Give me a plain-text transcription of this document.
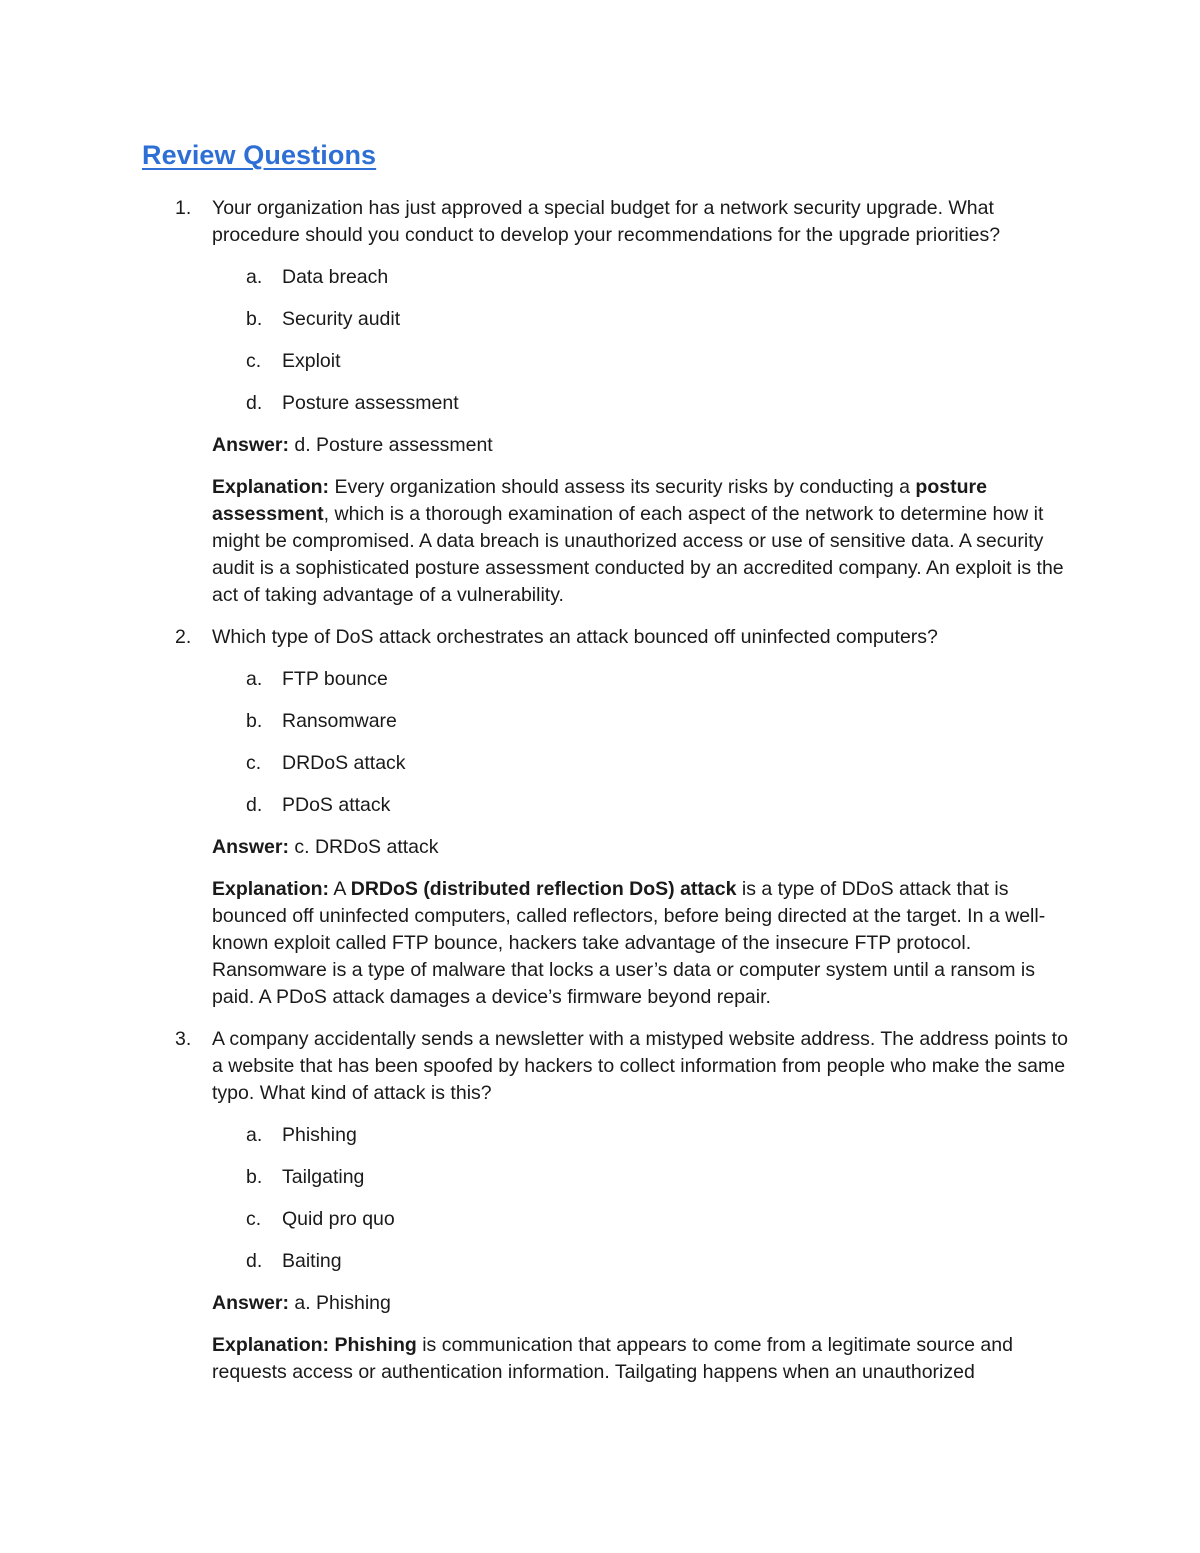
Review Questions
1. Your organization has just approved a special budget for a network security upgrade. What procedure should you conduct to develop your recommendations for the upgrade priorities?
a. Data breach
b. Security audit
c. Exploit
d. Posture assessment
Answer: d. Posture assessment
Explanation: Every organization should assess its security risks by conducting a posture assessment, which is a thorough examination of each aspect of the network to determine how it might be compromised. A data breach is unauthorized access or use of sensitive data. A security audit is a sophisticated posture assessment conducted by an accredited company. An exploit is the act of taking advantage of a vulnerability.
2. Which type of DoS attack orchestrates an attack bounced off uninfected computers?
a. FTP bounce
b. Ransomware
c. DRDoS attack
d. PDoS attack
Answer: c. DRDoS attack
Explanation: A DRDoS (distributed reflection DoS) attack is a type of DDoS attack that is bounced off uninfected computers, called reflectors, before being directed at the target. In a well-known exploit called FTP bounce, hackers take advantage of the insecure FTP protocol. Ransomware is a type of malware that locks a user’s data or computer system until a ransom is paid. A PDoS attack damages a device’s firmware beyond repair.
3. A company accidentally sends a newsletter with a mistyped website address. The address points to a website that has been spoofed by hackers to collect information from people who make the same typo. What kind of attack is this?
a. Phishing
b. Tailgating
c. Quid pro quo
d. Baiting
Answer: a. Phishing
Explanation: Phishing is communication that appears to come from a legitimate source and requests access or authentication information. Tailgating happens when an unauthorized
